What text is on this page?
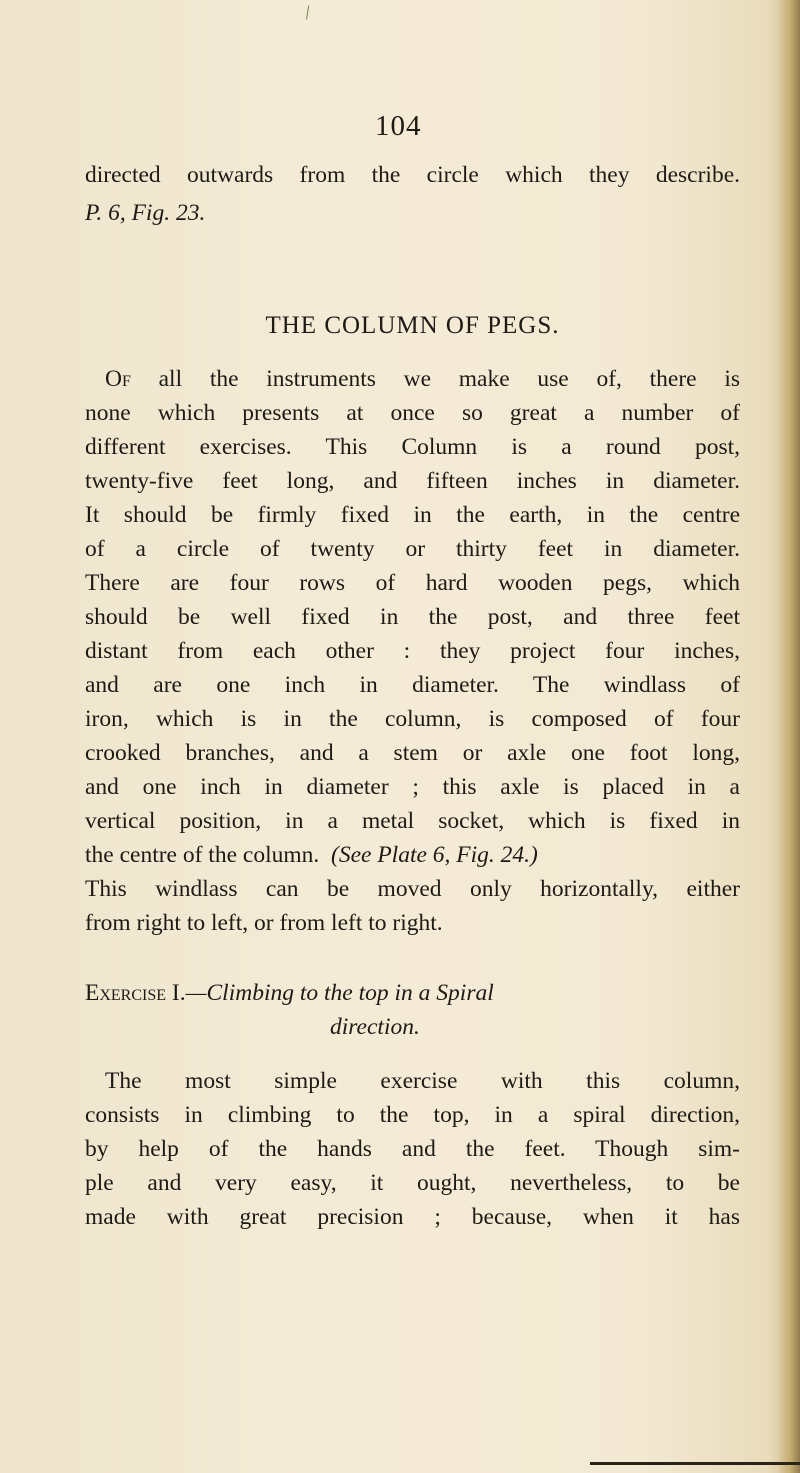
/
104
directed outwards from the circle which they describe.
P. 6, Fig. 23.
THE COLUMN OF PEGS.
Of all the instruments we make use of, there is
none which presents at once so great a number of
different exercises. This Column is a round post,
twenty-five feet long, and fifteen inches in diameter.
It should be firmly fixed in the earth, in the centre
of a circle of twenty or thirty feet in diameter.
There are four rows of hard wooden pegs, which
should be well fixed in the post, and three feet
distant from each other : they project four inches,
and are one inch in diameter. The windlass of
iron, which is in the column, is composed of four
crooked branches, and a stem or axle one foot long,
and one inch in diameter ; this axle is placed in a
vertical position, in a metal socket, which is fixed in
the centre of the column. (See Plate 6, Fig. 24.)
This windlass can be moved only horizontally, either
from right to left, or from left to right.
Exercise I.—Climbing to the top in a Spiral
direction.
The most simple exercise with this column,
consists in climbing to the top, in a spiral direction,
by help of the hands and the feet. Though sim-
ple and very easy, it ought, nevertheless, to be
made with great precision ; because, when it has
